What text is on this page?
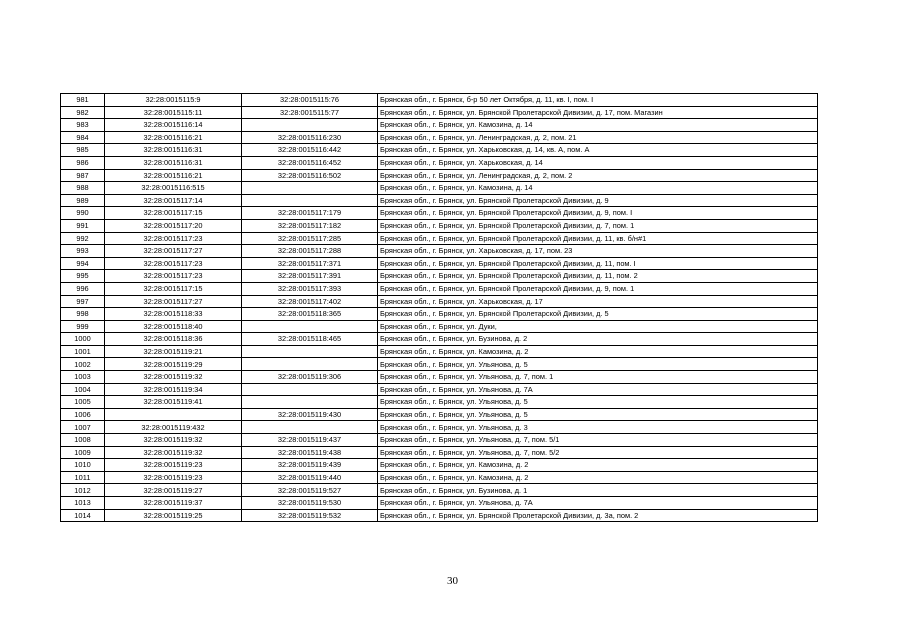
981	32:28:0015115:9	32:28:0015115:76	Брянская обл., г. Брянск, б-р 50 лет Октября, д. 11, кв. I, пом. I
982	32:28:0015115:11	32:28:0015115:77	Брянская обл., г. Брянск, ул. Брянской Пролетарской Дивизии, д. 17, пом. Магазин
983	32:28:0015116:14		Брянская обл., г. Брянск, ул. Камозина, д. 14
984	32:28:0015116:21	32:28:0015116:230	Брянская обл., г. Брянск, ул. Ленинградская, д. 2, пом. 21
985	32:28:0015116:31	32:28:0015116:442	Брянская обл., г. Брянск, ул. Харьковская, д. 14, кв. А, пом. А
986	32:28:0015116:31	32:28:0015116:452	Брянская обл., г. Брянск, ул. Харьковская, д. 14
987	32:28:0015116:21	32:28:0015116:502	Брянская обл., г. Брянск, ул. Ленинградская, д. 2, пом. 2
988	32:28:0015116:515		Брянская обл., г. Брянск, ул. Камозина, д. 14
989	32:28:0015117:14		Брянская обл., г. Брянск, ул. Брянской Пролетарской Дивизии, д. 9
990	32:28:0015117:15	32:28:0015117:179	Брянская обл., г. Брянск, ул. Брянской Пролетарской Дивизии, д. 9, пом. I
991	32:28:0015117:20	32:28:0015117:182	Брянская обл., г. Брянск, ул. Брянской Пролетарской Дивизии, д. 7, пом. 1
992	32:28:0015117:23	32:28:0015117:285	Брянская обл., г. Брянск, ул. Брянской Пролетарской Дивизии, д. 11, кв. б/н#1
993	32:28:0015117:27	32:28:0015117:288	Брянская обл., г. Брянск, ул. Харьковская, д. 17, пом. 23
994	32:28:0015117:23	32:28:0015117:371	Брянская обл., г. Брянск, ул. Брянской Пролетарской Дивизии, д. 11, пом. I
995	32:28:0015117:23	32:28:0015117:391	Брянская обл., г. Брянск, ул. Брянской Пролетарской Дивизии, д. 11, пом. 2
996	32:28:0015117:15	32:28:0015117:393	Брянская обл., г. Брянск, ул. Брянской Пролетарской Дивизии, д. 9, пом. 1
997	32:28:0015117:27	32:28:0015117:402	Брянская обл., г. Брянск, ул. Харьковская, д. 17
998	32:28:0015118:33	32:28:0015118:365	Брянская обл., г. Брянск, ул. Брянской Пролетарской Дивизии, д. 5
999	32:28:0015118:40		Брянская обл., г. Брянск, ул. Дуки,
1000	32:28:0015118:36	32:28:0015118:465	Брянская обл., г. Брянск, ул. Бузинова, д. 2
1001	32:28:0015119:21		Брянская обл., г. Брянск, ул. Камозина, д. 2
1002	32:28:0015119:29		Брянская обл., г. Брянск, ул. Ульянова, д. 5
1003	32:28:0015119:32	32:28:0015119:306	Брянская обл., г. Брянск, ул. Ульянова, д. 7, пом. 1
1004	32:28:0015119:34		Брянская обл., г. Брянск, ул. Ульянова, д. 7А
1005	32:28:0015119:41		Брянская обл., г. Брянск, ул. Ульянова, д. 5
1006		32:28:0015119:430	Брянская обл., г. Брянск, ул. Ульянова, д. 5
1007	32:28:0015119:432		Брянская обл., г. Брянск, ул. Ульянова, д. 3
1008	32:28:0015119:32	32:28:0015119:437	Брянская обл., г. Брянск, ул. Ульянова, д. 7, пом. 5/1
1009	32:28:0015119:32	32:28:0015119:438	Брянская обл., г. Брянск, ул. Ульянова, д. 7, пом. 5/2
1010	32:28:0015119:23	32:28:0015119:439	Брянская обл., г. Брянск, ул. Камозина, д. 2
1011	32:28:0015119:23	32:28:0015119:440	Брянская обл., г. Брянск, ул. Камозина, д. 2
1012	32:28:0015119:27	32:28:0015119:527	Брянская обл., г. Брянск, ул. Бузинова, д. 1
1013	32:28:0015119:37	32:28:0015119:530	Брянская обл., г. Брянск, ул. Ульянова, д. 7А
1014	32:28:0015119:25	32:28:0015119:532	Брянская обл., г. Брянск, ул. Брянской Пролетарской Дивизии, д. 3а, пом. 2
30
